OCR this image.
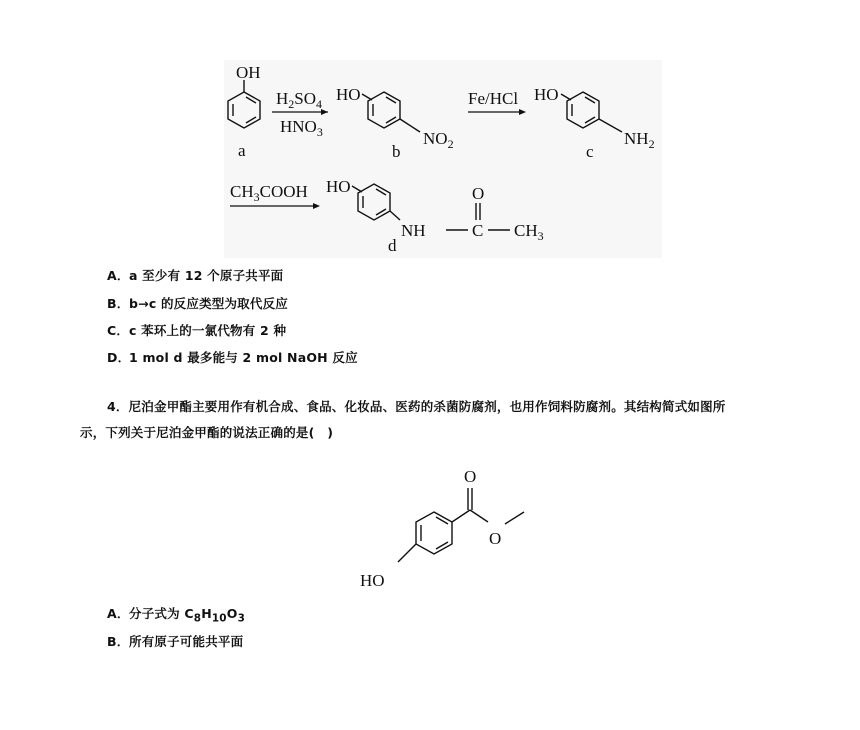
OH
a
$H_2SO_4$
$HNO_3$
HO
$NO_2$
b
Fe/HCl HO
$NH_2$
c
$CH_3COOH$ HO
NH	C
O
$CH_3$
d
A．a 至少有 12 个原子共平面
B．b→c 的反应类型为取代反应
C．c 苯环上的一氯代物有 2 种
D．1 mol d 最多能与 2 mol NaOH 反应
4．尼泊金甲酯主要用作有机合成、食品、化妆品、医药的杀菌防腐剂，也用作饲料防腐剂。其结构简式如图所
示，下列关于尼泊金甲酯的说法正确的是(　)
O
O
HO
A．分子式为 $C_8H_{10}O_3$
B．所有原子可能共平面
